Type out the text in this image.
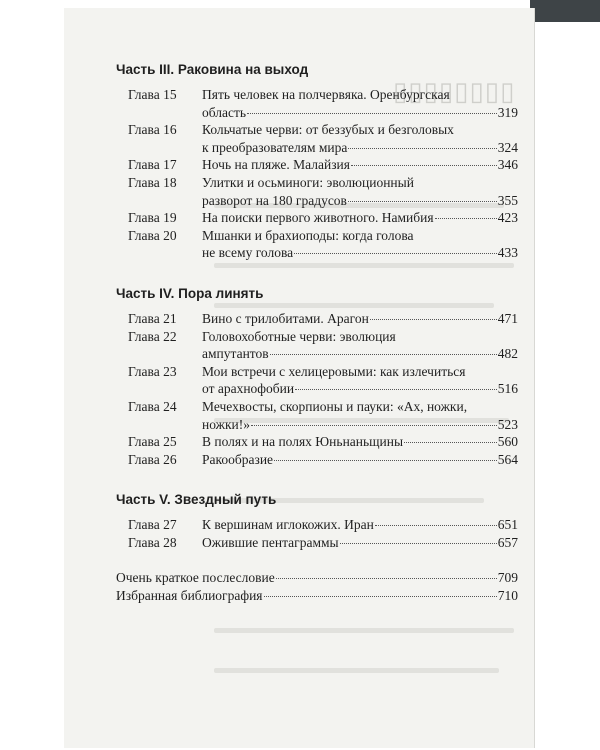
▯▯▯▯▯▯▯▯
Часть III. Раковина на выход
Глава 15	Пять человек на полчервяка. Оренбургская
область	319
Глава 16	Кольчатые черви: от беззубых и безголовых
к преобразователям мира	324
Глава 17	Ночь на пляже. Малайзия	346
Глава 18	Улитки и осьминоги: эволюционный
разворот на 180 градусов	355
Глава 19	На поиски первого животного. Намибия	423
Глава 20	Мшанки и брахиоподы: когда голова
не всему голова	433
Часть IV. Пора линять
Глава 21	Вино с трилобитами. Арагон	471
Глава 22	Головохоботные черви: эволюция
ампутантов	482
Глава 23	Мои встречи с хелицеровыми: как излечиться
от арахнофобии	516
Глава 24	Мечехвосты, скорпионы и пауки: «Ах, ножки,
ножки!»	523
Глава 25	В полях и на полях Юньнаньщины	560
Глава 26	Ракообразие	564
Часть V. Звездный путь
Глава 27	К вершинам иглокожих. Иран	651
Глава 28	Ожившие пентаграммы	657
Очень краткое послесловие	709
Избранная библиография	710
